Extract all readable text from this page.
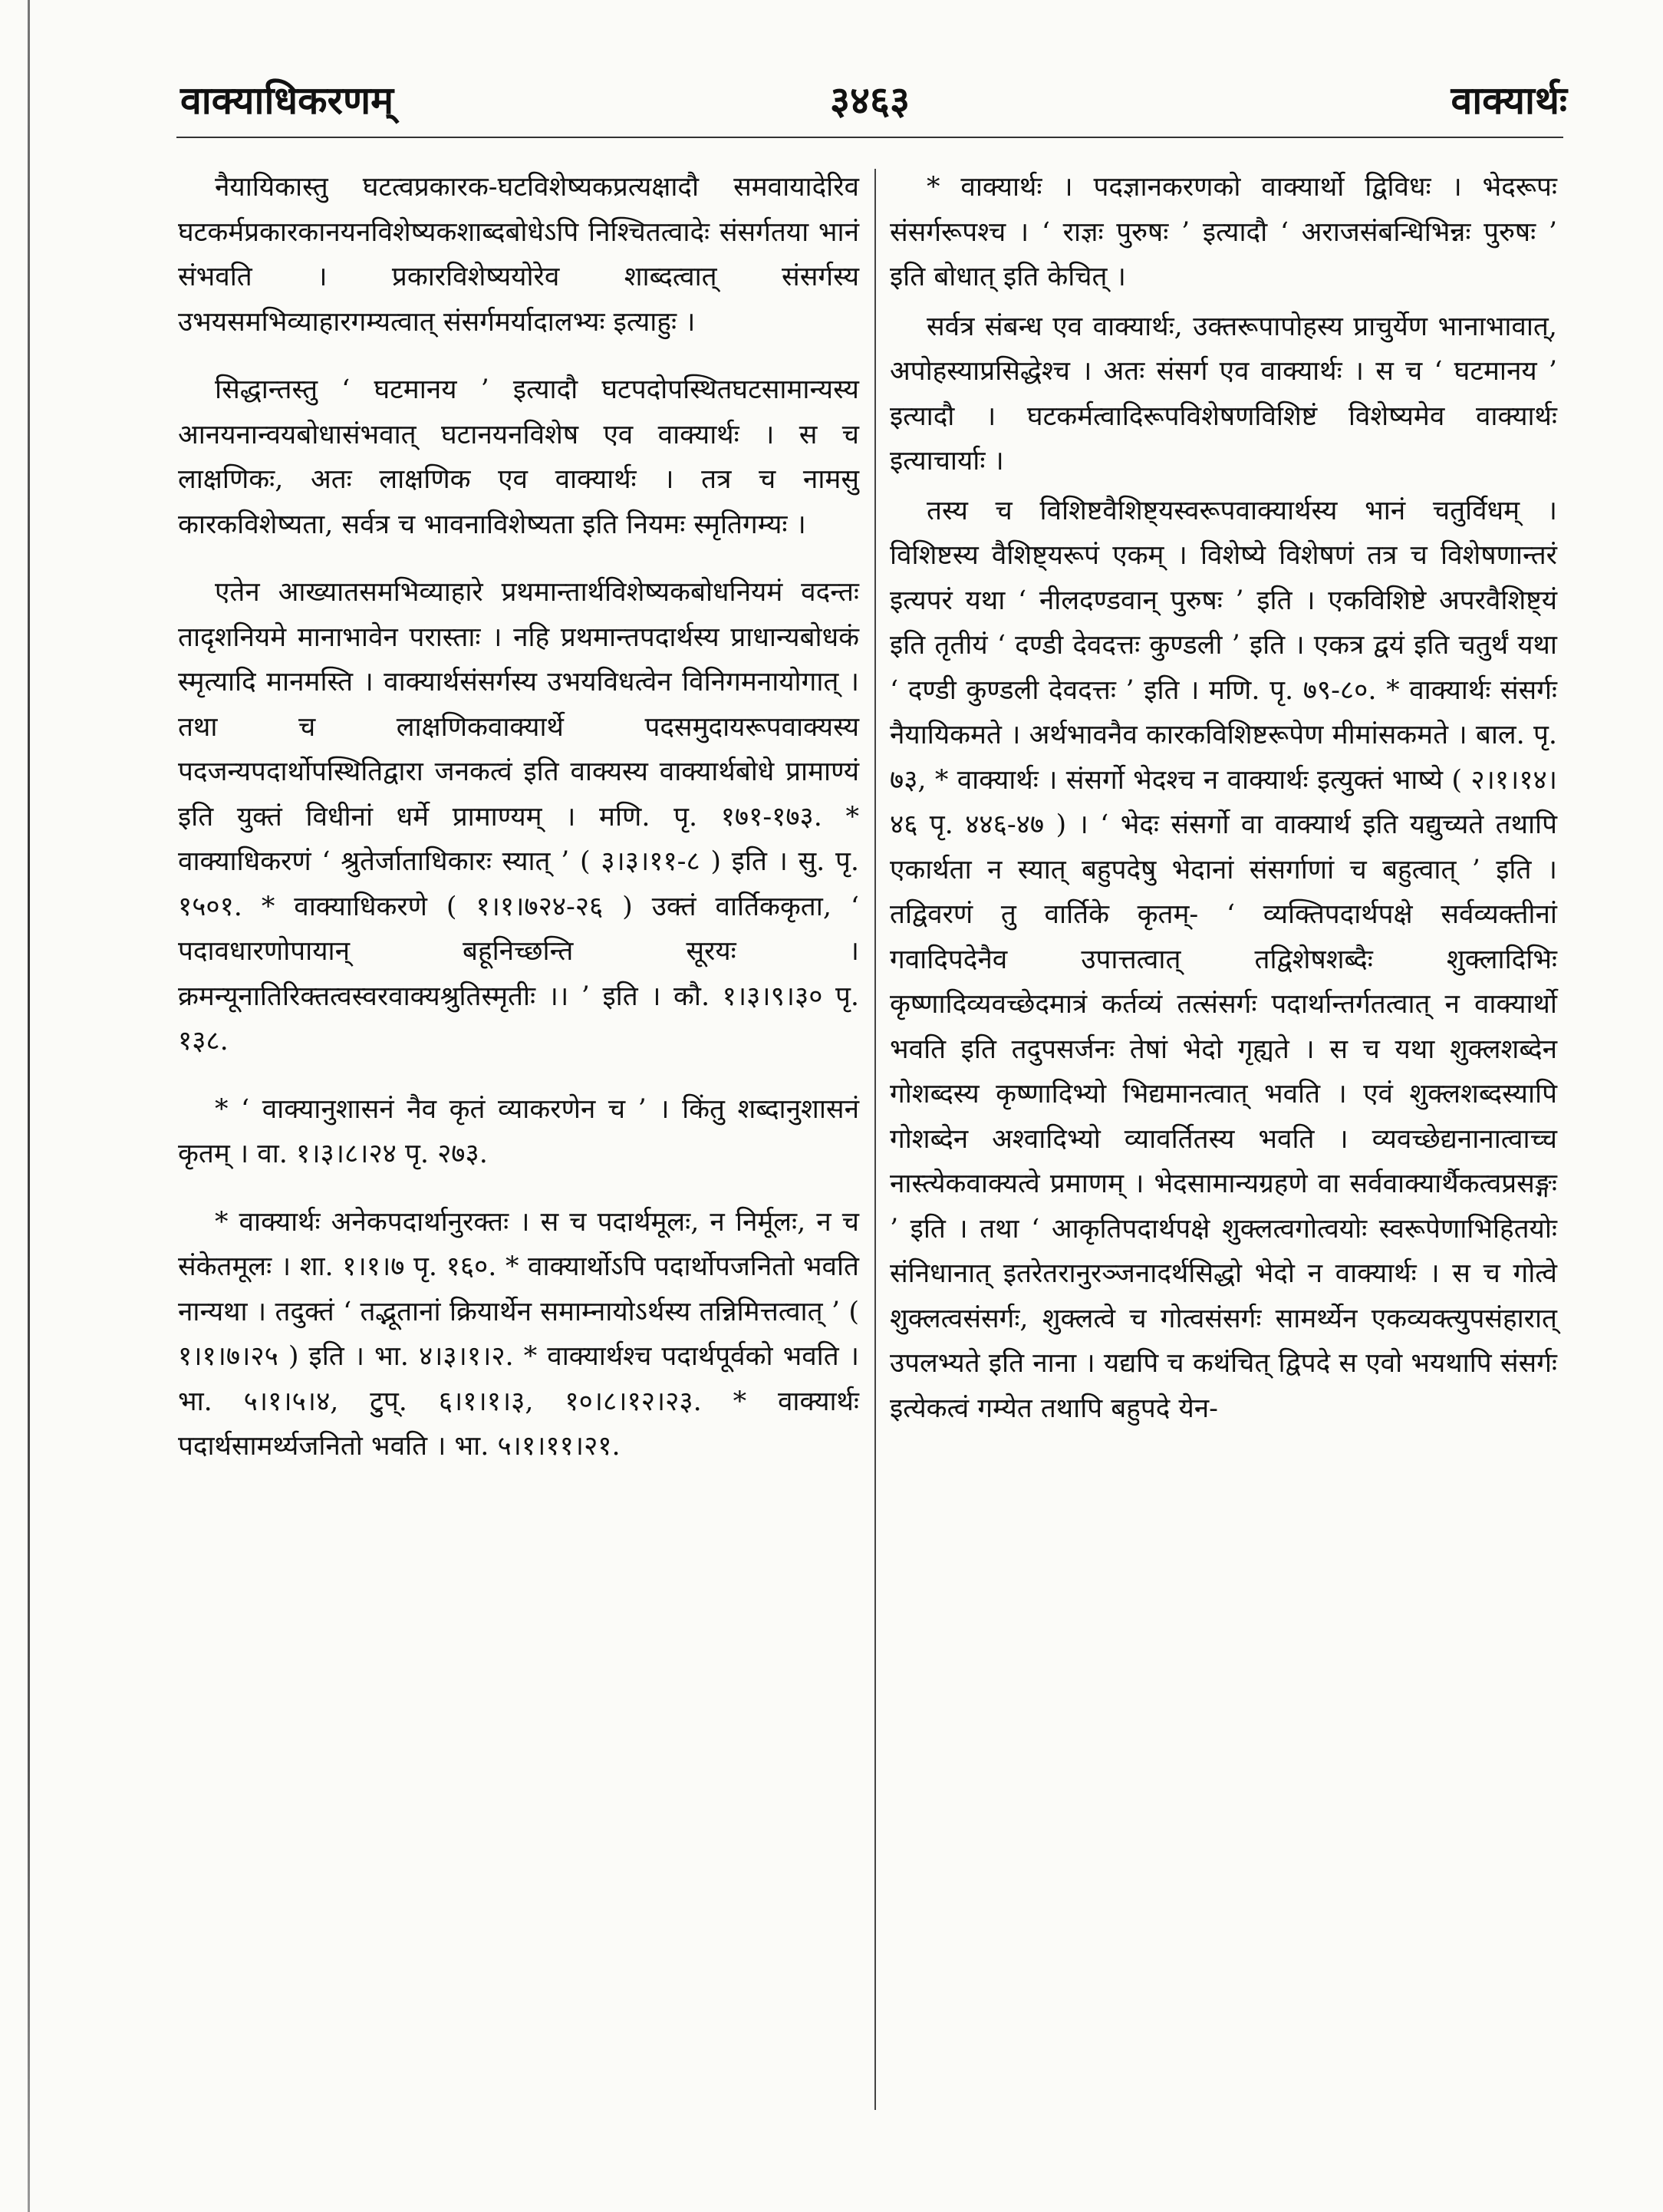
वाक्याधिकरणम्	३४६३	वाक्यार्थः

नैयायिकास्तु घटत्वप्रकारक-घटविशेष्यकप्रत्यक्षादौ समवायादेरिव घटकर्मप्रकारकानयनविशेष्यकशाब्दबोधेऽपि निश्चितत्वादेः संसर्गतया भानं संभवति । प्रकारविशेष्ययोरेव शाब्दत्वात् संसर्गस्य उभयसमभिव्याहारगम्यत्वात् संसर्गमर्यादालभ्यः इत्याहुः ।

सिद्धान्तस्तु ‘ घटमानय ’ इत्यादौ घटपदोपस्थितघटसामान्यस्य आनयनान्वयबोधासंभवात् घटानयनविशेष एव वाक्यार्थः । स च लाक्षणिकः, अतः लाक्षणिक एव वाक्यार्थः । तत्र च नामसु कारकविशेष्यता, सर्वत्र च भावनाविशेष्यता इति नियमः स्मृतिगम्यः ।

एतेन आख्यातसमभिव्याहारे प्रथमान्तार्थविशेष्यकबोधनियमं वदन्तः तादृशनियमे मानाभावेन परास्ताः । नहि प्रथमान्तपदार्थस्य प्राधान्यबोधकं स्मृत्यादि मानमस्ति । वाक्यार्थसंसर्गस्य उभयविधत्वेन विनिगमनायोगात् । तथा च लाक्षणिकवाक्यार्थे पदसमुदायरूपवाक्यस्य पदजन्यपदार्थोपस्थितिद्वारा जनकत्वं इति वाक्यस्य वाक्यार्थबोधे प्रामाण्यं इति युक्तं विधीनां धर्मे प्रामाण्यम् । मणि. पृ. १७१-१७३. * वाक्याधिकरणं ‘ श्रुतेर्जाताधिकारः स्यात् ’ ( ३।३।११-८ ) इति । सु. पृ. १५०१. * वाक्याधिकरणे ( १।१।७२४-२६ ) उक्तं वार्तिककृता, ‘ पदावधारणोपायान् बहूनिच्छन्ति सूरयः । क्रमन्यूनातिरिक्तत्वस्वरवाक्यश्रुतिस्मृतीः ।। ’ इति । कौ. १।३।९।३० पृ. १३८.

* ‘ वाक्यानुशासनं नैव कृतं व्याकरणेन च ’ । किंतु शब्दानुशासनं कृतम् । वा. १।३।८।२४ पृ. २७३.

* वाक्यार्थः अनेकपदार्थानुरक्तः । स च पदार्थमूलः, न निर्मूलः, न च संकेतमूलः । शा. १।१।७ पृ. १६०. * वाक्यार्थोऽपि पदार्थोपजनितो भवति नान्यथा । तदुक्तं ‘ तद्भूतानां क्रियार्थेन समाम्नायोऽर्थस्य तन्निमित्तत्वात् ’ ( १।१।७।२५ ) इति । भा. ४।३।१।२. * वाक्यार्थश्च पदार्थपूर्वको भवति । भा. ५।१।५।४, टुप्. ६।१।१।३, १०।८।१२।२३. * वाक्यार्थः पदार्थसामर्थ्यजनितो भवति । भा. ५।१।११।२१.

* वाक्यार्थः । पदज्ञानकरणको वाक्यार्थो द्विविधः । भेदरूपः संसर्गरूपश्च । ‘ राज्ञः पुरुषः ’ इत्यादौ ‘ अराजसंबन्धिभिन्नः पुरुषः ’ इति बोधात् इति केचित् ।

सर्वत्र संबन्ध एव वाक्यार्थः, उक्तरूपापोहस्य प्राचुर्येण भानाभावात्, अपोहस्याप्रसिद्धेश्च । अतः संसर्ग एव वाक्यार्थः । स च ‘ घटमानय ’ इत्यादौ । घटकर्मत्वादिरूपविशेषणविशिष्टं विशेष्यमेव वाक्यार्थः इत्याचार्याः ।

तस्य च विशिष्टवैशिष्ट्यस्वरूपवाक्यार्थस्य भानं चतुर्विधम् । विशिष्टस्य वैशिष्ट्यरूपं एकम् । विशेष्ये विशेषणं तत्र च विशेषणान्तरं इत्यपरं यथा ‘ नीलदण्डवान् पुरुषः ’ इति । एकविशिष्टे अपरवैशिष्ट्यं इति तृतीयं ‘ दण्डी देवदत्तः कुण्डली ’ इति । एकत्र द्वयं इति चतुर्थं यथा ‘ दण्डी कुण्डली देवदत्तः ’ इति । मणि. पृ. ७९-८०. * वाक्यार्थः संसर्गः नैयायिकमते । अर्थभावनैव कारकविशिष्टरूपेण मीमांसकमते । बाल. पृ. ७३, * वाक्यार्थः । संसर्गो भेदश्च न वाक्यार्थः इत्युक्तं भाष्ये ( २।१।१४।४६ पृ. ४४६-४७ ) । ‘ भेदः संसर्गो वा वाक्यार्थ इति यद्युच्यते तथापि एकार्थता न स्यात् बहुपदेषु भेदानां संसर्गाणां च बहुत्वात् ’ इति । तद्विवरणं तु वार्तिके कृतम्- ‘ व्यक्तिपदार्थपक्षे सर्वव्यक्तीनां गवादिपदेनैव उपात्तत्वात् तद्विशेषशब्दैः शुक्लादिभिः कृष्णादिव्यवच्छेदमात्रं कर्तव्यं तत्संसर्गः पदार्थान्तर्गतत्वात् न वाक्यार्थो भवति इति तदुपसर्जनः तेषां भेदो गृह्यते । स च यथा शुक्लशब्देन गोशब्दस्य कृष्णादिभ्यो भिद्यमानत्वात् भवति । एवं शुक्लशब्दस्यापि गोशब्देन अश्वादिभ्यो व्यावर्तितस्य भवति । व्यवच्छेद्यनानात्वाच्च नास्त्येकवाक्यत्वे प्रमाणम् । भेदसामान्यग्रहणे वा सर्ववाक्यार्थैकत्वप्रसङ्गः ’ इति । तथा ‘ आकृतिपदार्थपक्षे शुक्लत्वगोत्वयोः स्वरूपेणाभिहितयोः संनिधानात् इतरेतरानुरञ्जनादर्थसिद्धो भेदो न वाक्यार्थः । स च गोत्वे शुक्लत्वसंसर्गः, शुक्लत्वे च गोत्वसंसर्गः सामर्थ्येन एकव्यक्त्युपसंहारात् उपलभ्यते इति नाना । यद्यपि च कथंचित् द्विपदे स एवो भयथापि संसर्गः इत्येकत्वं गम्येत तथापि बहुपदे येन-
